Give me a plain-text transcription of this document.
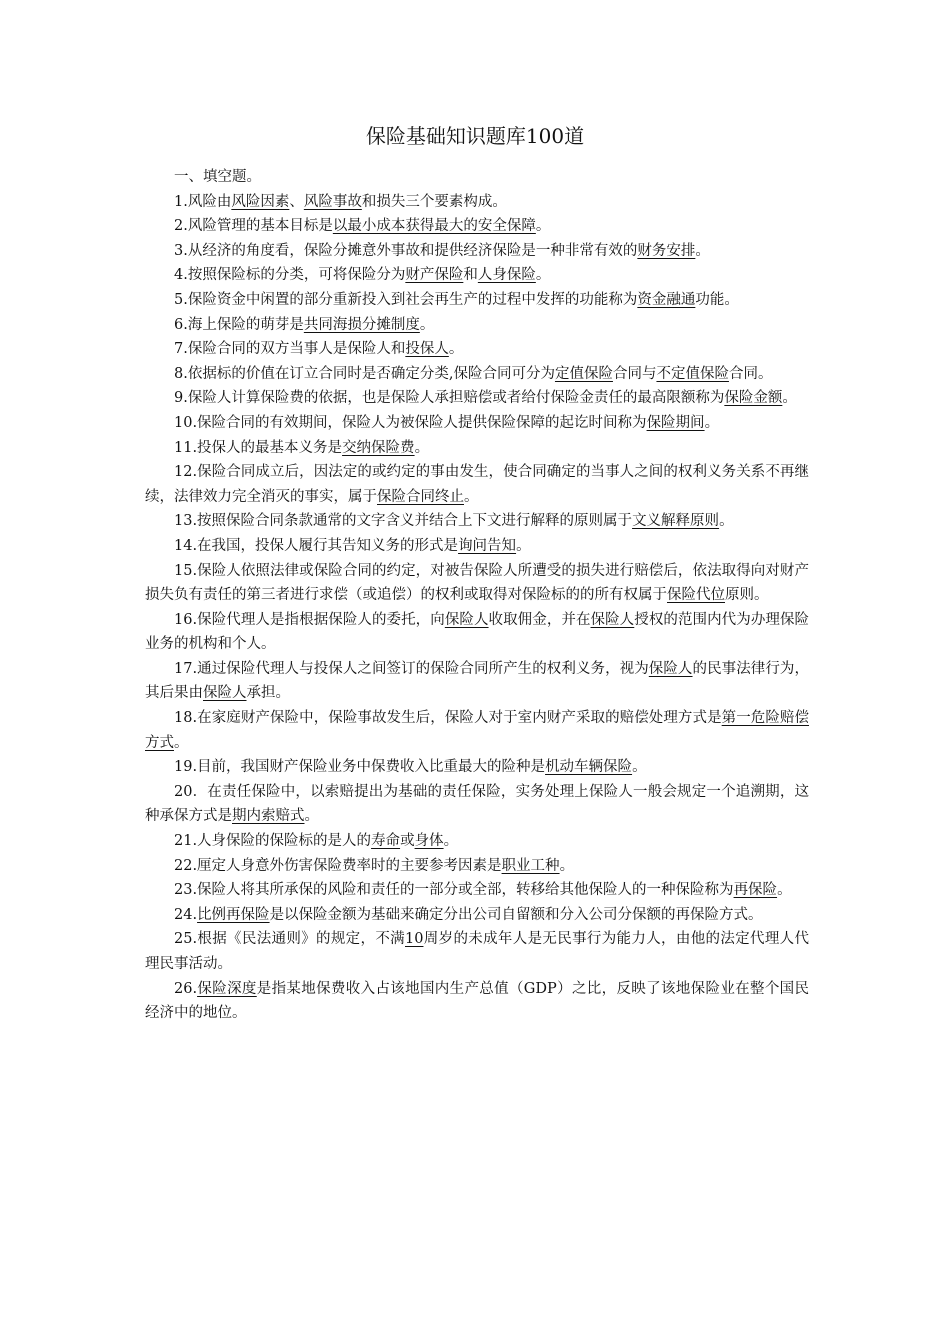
保险基础知识题库100道

一、填空题。

1.风险由风险因素、风险事故和损失三个要素构成。

2.风险管理的基本目标是以最小成本获得最大的安全保障。

3.从经济的角度看，保险分摊意外事故和提供经济保险是一种非常有效的财务安排。

4.按照保险标的分类，可将保险分为财产保险和人身保险。

5.保险资金中闲置的部分重新投入到社会再生产的过程中发挥的功能称为资金融通功能。

6.海上保险的萌芽是共同海损分摊制度。

7.保险合同的双方当事人是保险人和投保人。

8.依据标的价值在订立合同时是否确定分类,保险合同可分为定值保险合同与不定值保险合同。

9.保险人计算保险费的依据，也是保险人承担赔偿或者给付保险金责任的最高限额称为保险金额。

10.保险合同的有效期间，保险人为被保险人提供保险保障的起讫时间称为保险期间。

11.投保人的最基本义务是交纳保险费。

12.保险合同成立后，因法定的或约定的事由发生，使合同确定的当事人之间的权利义务关系不再继续，法律效力完全消灭的事实，属于保险合同终止。

13.按照保险合同条款通常的文字含义并结合上下文进行解释的原则属于文义解释原则。

14.在我国，投保人履行其告知义务的形式是询问告知。

15.保险人依照法律或保险合同的约定，对被告保险人所遭受的损失进行赔偿后，依法取得向对财产损失负有责任的第三者进行求偿（或追偿）的权利或取得对保险标的的所有权属于保险代位原则。

16.保险代理人是指根据保险人的委托，向保险人收取佣金，并在保险人授权的范围内代为办理保险业务的机构和个人。

17.通过保险代理人与投保人之间签订的保险合同所产生的权利义务，视为保险人的民事法律行为，其后果由保险人承担。

18.在家庭财产保险中，保险事故发生后，保险人对于室内财产采取的赔偿处理方式是第一危险赔偿方式。

19.目前，我国财产保险业务中保费收入比重最大的险种是机动车辆保险。

20．在责任保险中，以索赔提出为基础的责任保险，实务处理上保险人一般会规定一个追溯期，这种承保方式是期内索赔式。

21.人身保险的保险标的是人的寿命或身体。

22.厘定人身意外伤害保险费率时的主要参考因素是职业工种。

23.保险人将其所承保的风险和责任的一部分或全部，转移给其他保险人的一种保险称为再保险。

24.比例再保险是以保险金额为基础来确定分出公司自留额和分入公司分保额的再保险方式。

25.根据《民法通则》的规定，不满10周岁的未成年人是无民事行为能力人，由他的法定代理人代理民事活动。

26.保险深度是指某地保费收入占该地国内生产总值（GDP）之比，反映了该地保险业在整个国民经济中的地位。
